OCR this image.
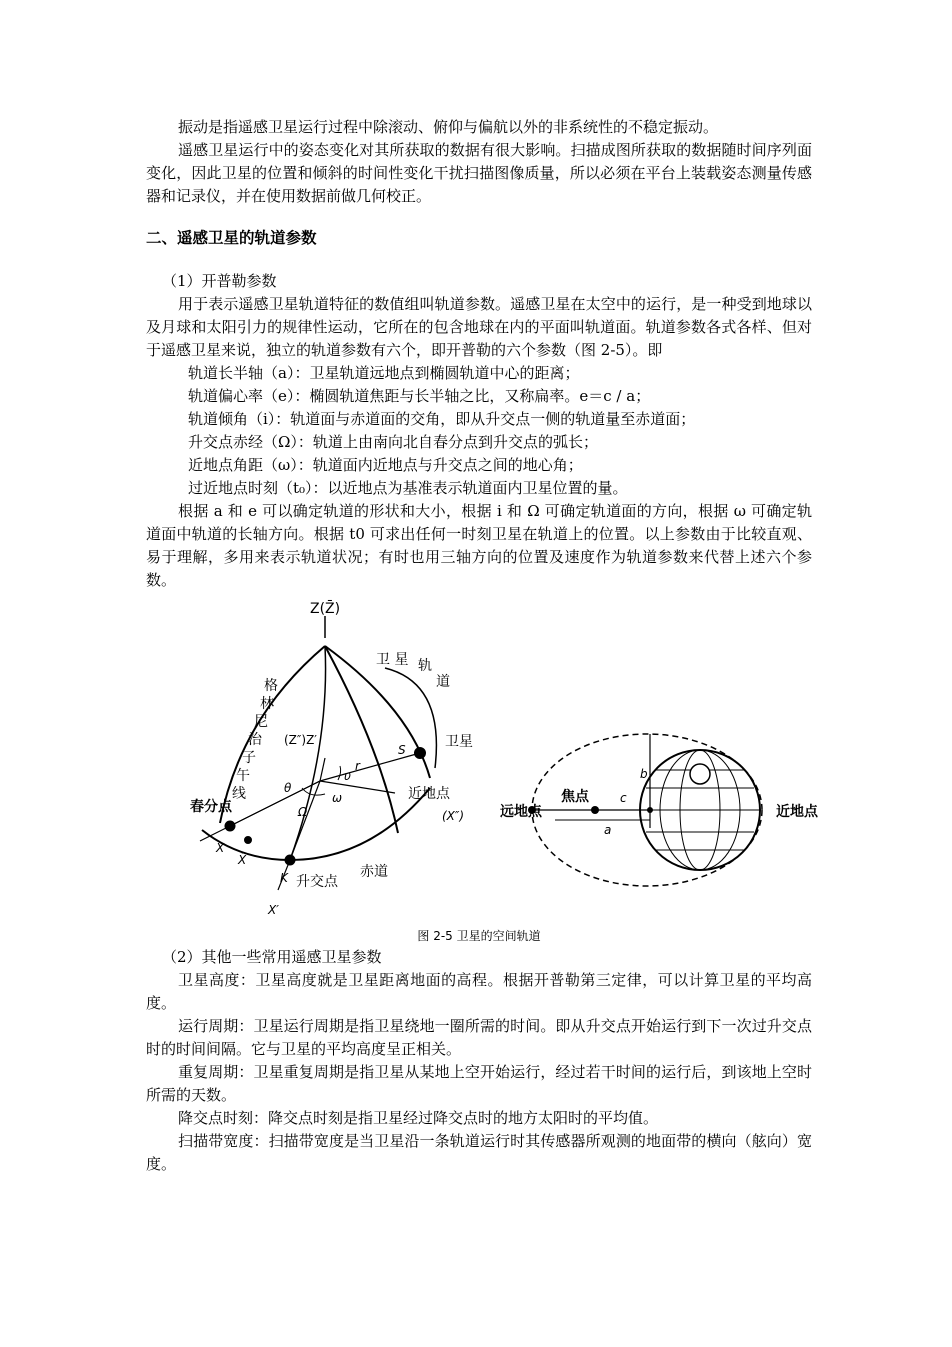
振动是指遥感卫星运行过程中除滚动、俯仰与偏航以外的非系统性的不稳定振动。

遥感卫星运行中的姿态变化对其所获取的数据有很大影响。扫描成图所获取的数据随时间序列面变化，因此卫星的位置和倾斜的时间性变化干扰扫描图像质量，所以必须在平台上装载姿态测量传感器和记录仪，并在使用数据前做几何校正。

二、遥感卫星的轨道参数

（1）开普勒参数

用于表示遥感卫星轨道特征的数值组叫轨道参数。遥感卫星在太空中的运行，是一种受到地球以及月球和太阳引力的规律性运动，它所在的包含地球在内的平面叫轨道面。轨道参数各式各样、但对于遥感卫星来说，独立的轨道参数有六个，即开普勒的六个参数（图 2-5）。即

轨道长半轴（a）：卫星轨道远地点到椭圆轨道中心的距离；

轨道偏心率（e）：椭圆轨道焦距与长半轴之比，又称扁率。e＝c / a；

轨道倾角（i）：轨道面与赤道面的交角，即从升交点一侧的轨道量至赤道面；

升交点赤经（Ω）：轨道上由南向北自春分点到升交点的弧长；

近地点角距（ω）：轨道面内近地点与升交点之间的地心角；

过近地点时刻（t₀）：以近地点为基准表示轨道面内卫星位置的量。

根据 a 和 e 可以确定轨道的形状和大小，根据 i 和 Ω 可确定轨道面的方向，根据 ω 可确定轨道面中轨道的长轴方向。根据 t0 可求出任何一时刻卫星在轨道上的位置。以上参数由于比较直观、易于理解，多用来表示轨道状况；有时也用三轴方向的位置及速度作为轨道参数来代替上述六个参数。

Z(Z̄)
卫 星 轨
道
格
林
尼
治
子
午
线
(Z″)Z′	卫星
S
r
υ
θ
ω
Ω
近地点
(X″)
春分点
X
X̄
K 升交点
赤道
X′
远地点
焦点	c
a
b
近地点
图 2-5 卫星的空间轨道

（2）其他一些常用遥感卫星参数

卫星高度：卫星高度就是卫星距离地面的高程。根据开普勒第三定律，可以计算卫星的平均高度。

运行周期：卫星运行周期是指卫星绕地一圈所需的时间。即从升交点开始运行到下一次过升交点时的时间间隔。它与卫星的平均高度呈正相关。

重复周期：卫星重复周期是指卫星从某地上空开始运行，经过若干时间的运行后，到该地上空时所需的天数。

降交点时刻：降交点时刻是指卫星经过降交点时的地方太阳时的平均值。

扫描带宽度：扫描带宽度是当卫星沿一条轨道运行时其传感器所观测的地面带的横向（舷向）宽度。
